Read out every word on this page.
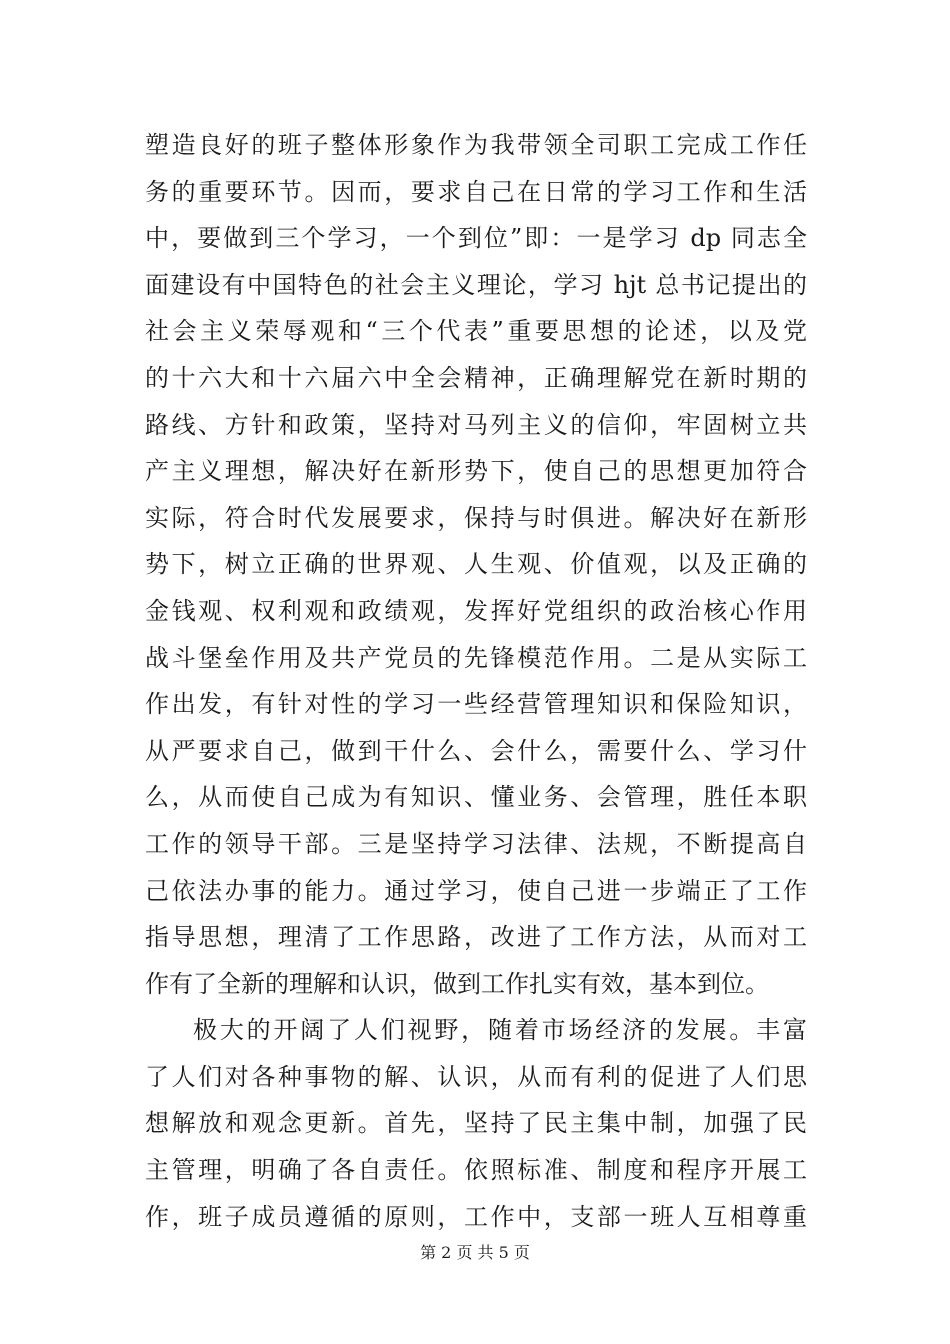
塑造良好的班子整体形象作为我带领全司职工完成工作任
务的重要环节。因而，要求自己在日常的学习工作和生活
中，要做到三个学习，一个到位”即：一是学习 dp 同志全
面建设有中国特色的社会主义理论，学习 hjt 总书记提出的
社会主义荣辱观和“三个代表”重要思想的论述，以及党
的十六大和十六届六中全会精神，正确理解党在新时期的
路线、方针和政策，坚持对马列主义的信仰，牢固树立共
产主义理想，解决好在新形势下，使自己的思想更加符合
实际，符合时代发展要求，保持与时俱进。解决好在新形
势下，树立正确的世界观、人生观、价值观，以及正确的
金钱观、权利观和政绩观，发挥好党组织的政治核心作用
战斗堡垒作用及共产党员的先锋模范作用。二是从实际工
作出发，有针对性的学习一些经营管理知识和保险知识，
从严要求自己，做到干什么、会什么，需要什么、学习什
么，从而使自己成为有知识、懂业务、会管理，胜任本职
工作的领导干部。三是坚持学习法律、法规，不断提高自
己依法办事的能力。通过学习，使自己进一步端正了工作
指导思想，理清了工作思路，改进了工作方法，从而对工
作有了全新的理解和认识，做到工作扎实有效，基本到位。
极大的开阔了人们视野，随着市场经济的发展。丰富
了人们对各种事物的解、认识，从而有利的促进了人们思
想解放和观念更新。首先，坚持了民主集中制，加强了民
主管理，明确了各自责任。依照标准、制度和程序开展工
作，班子成员遵循的原则，工作中，支部一班人互相尊重
第 2 页 共 5 页
